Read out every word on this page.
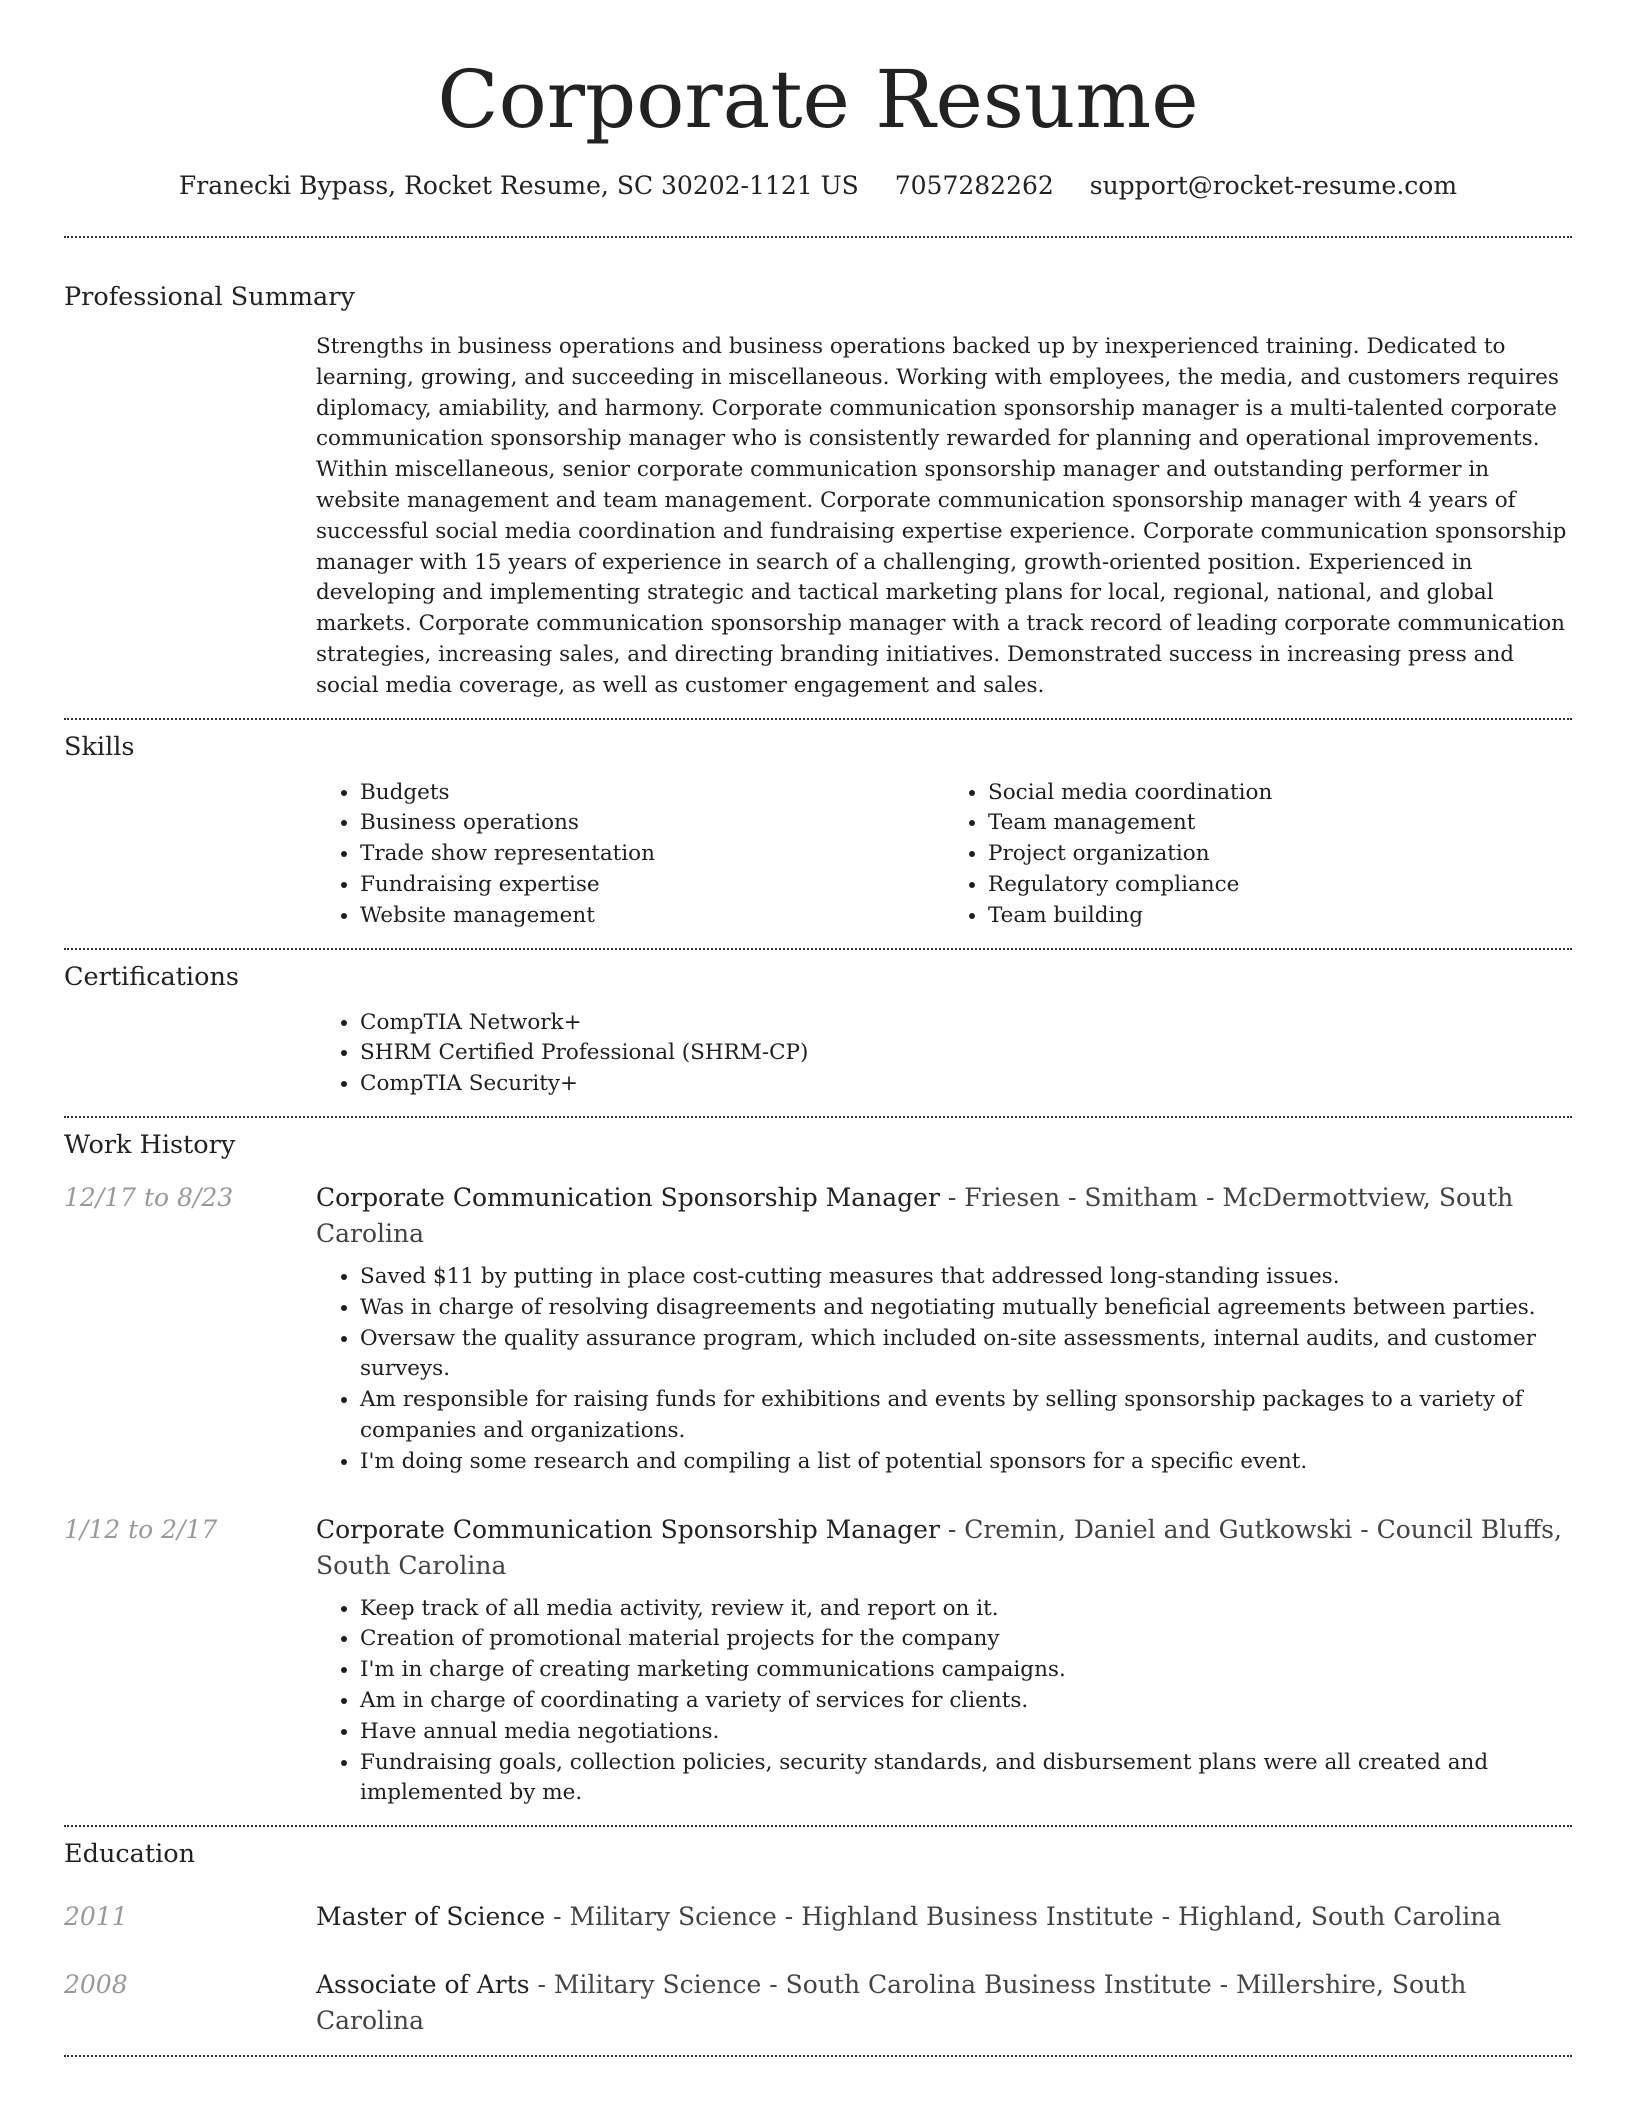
Corporate Resume
Franecki Bypass, Rocket Resume, SC 30202-1121 US 7057282262 support@rocket-resume.com
Professional Summary
Strengths in business operations and business operations backed up by inexperienced training. Dedicated to learning, growing, and succeeding in miscellaneous. Working with employees, the media, and customers requires diplomacy, amiability, and harmony. Corporate communication sponsorship manager is a multi-talented corporate communication sponsorship manager who is consistently rewarded for planning and operational improvements. Within miscellaneous, senior corporate communication sponsorship manager and outstanding performer in website management and team management. Corporate communication sponsorship manager with 4 years of successful social media coordination and fundraising expertise experience. Corporate communication sponsorship manager with 15 years of experience in search of a challenging, growth-oriented position. Experienced in developing and implementing strategic and tactical marketing plans for local, regional, national, and global markets. Corporate communication sponsorship manager with a track record of leading corporate communication strategies, increasing sales, and directing branding initiatives. Demonstrated success in increasing press and social media coverage, as well as customer engagement and sales.
Skills
• Budgets
• Business operations
• Trade show representation
• Fundraising expertise
• Website management
• Social media coordination
• Team management
• Project organization
• Regulatory compliance
• Team building
Certifications
• CompTIA Network+
• SHRM Certified Professional (SHRM-CP)
• CompTIA Security+
Work History
12/17 to 8/23	Corporate Communication Sponsorship Manager - Friesen - Smitham - McDermottview, South Carolina
• Saved $11 by putting in place cost-cutting measures that addressed long-standing issues.
• Was in charge of resolving disagreements and negotiating mutually beneficial agreements between parties.
• Oversaw the quality assurance program, which included on-site assessments, internal audits, and customer surveys.
• Am responsible for raising funds for exhibitions and events by selling sponsorship packages to a variety of companies and organizations.
• I'm doing some research and compiling a list of potential sponsors for a specific event.
1/12 to 2/17	Corporate Communication Sponsorship Manager - Cremin, Daniel and Gutkowski - Council Bluffs, South Carolina
• Keep track of all media activity, review it, and report on it.
• Creation of promotional material projects for the company
• I'm in charge of creating marketing communications campaigns.
• Am in charge of coordinating a variety of services for clients.
• Have annual media negotiations.
• Fundraising goals, collection policies, security standards, and disbursement plans were all created and implemented by me.
Education
2011	Master of Science - Military Science - Highland Business Institute - Highland, South Carolina
2008	Associate of Arts - Military Science - South Carolina Business Institute - Millershire, South Carolina
